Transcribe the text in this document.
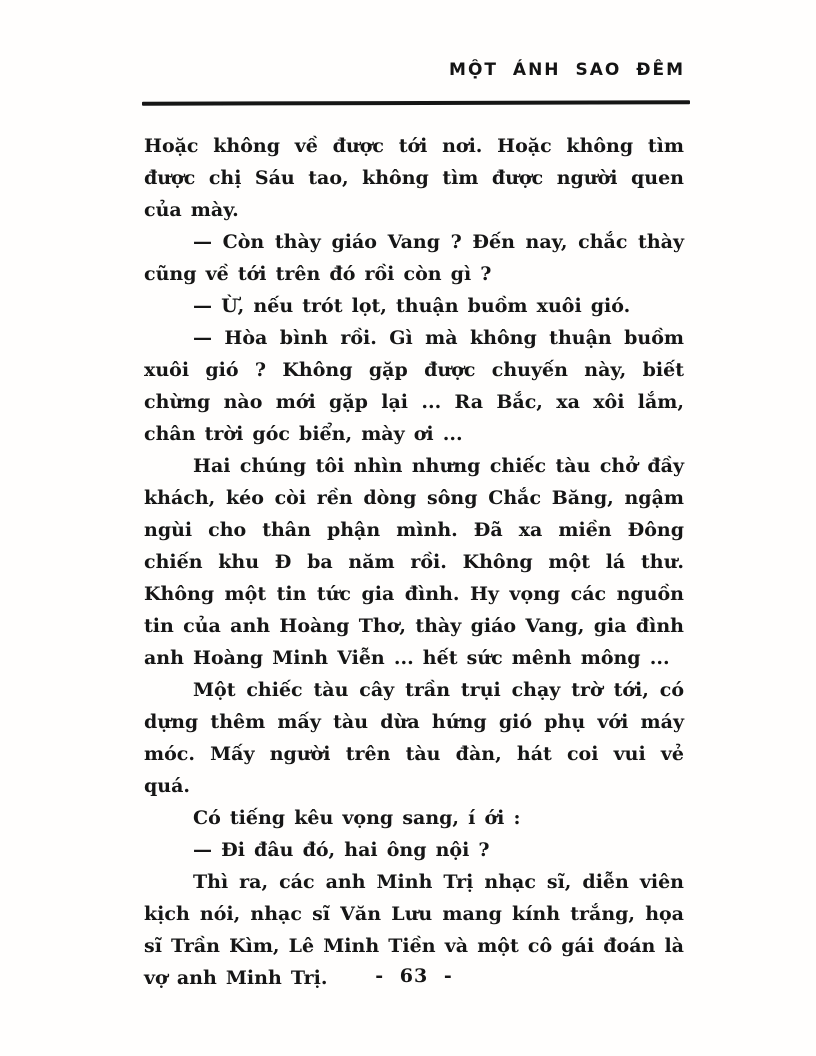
MỘT ÁNH SAO ĐÊM

Hoặc không về được tới nơi. Hoặc không tìm được chị Sáu tao, không tìm được người quen của mày.

— Còn thày giáo Vang ? Đến nay, chắc thày cũng về tới trên đó rồi còn gì ?

— Ừ, nếu trót lọt, thuận buồm xuôi gió.

— Hòa bình rồi. Gì mà không thuận buồm xuôi gió ? Không gặp được chuyến này, biết chừng nào mới gặp lại ... Ra Bắc, xa xôi lắm, chân trời góc biển, mày ơi ...

Hai chúng tôi nhìn nhưng chiếc tàu chở đầy khách, kéo còi rền dòng sông Chắc Băng, ngậm ngùi cho thân phận mình. Đã xa miền Đông chiến khu Đ ba năm rồi. Không một lá thư. Không một tin tức gia đình. Hy vọng các nguồn tin của anh Hoàng Thơ, thày giáo Vang, gia đình anh Hoàng Minh Viễn ... hết sức mênh mông ...

Một chiếc tàu cây trần trụi chạy trờ tới, có dựng thêm mấy tàu dừa hứng gió phụ với máy móc. Mấy người trên tàu đàn, hát coi vui vẻ quá.

Có tiếng kêu vọng sang, í ới :

— Đi đâu đó, hai ông nội ?

Thì ra, các anh Minh Trị nhạc sĩ, diễn viên kịch nói, nhạc sĩ Văn Lưu mang kính trắng, họa sĩ Trần Kìm, Lê Minh Tiền và một cô gái đoán là vợ anh Minh Trị.	- 63 -
